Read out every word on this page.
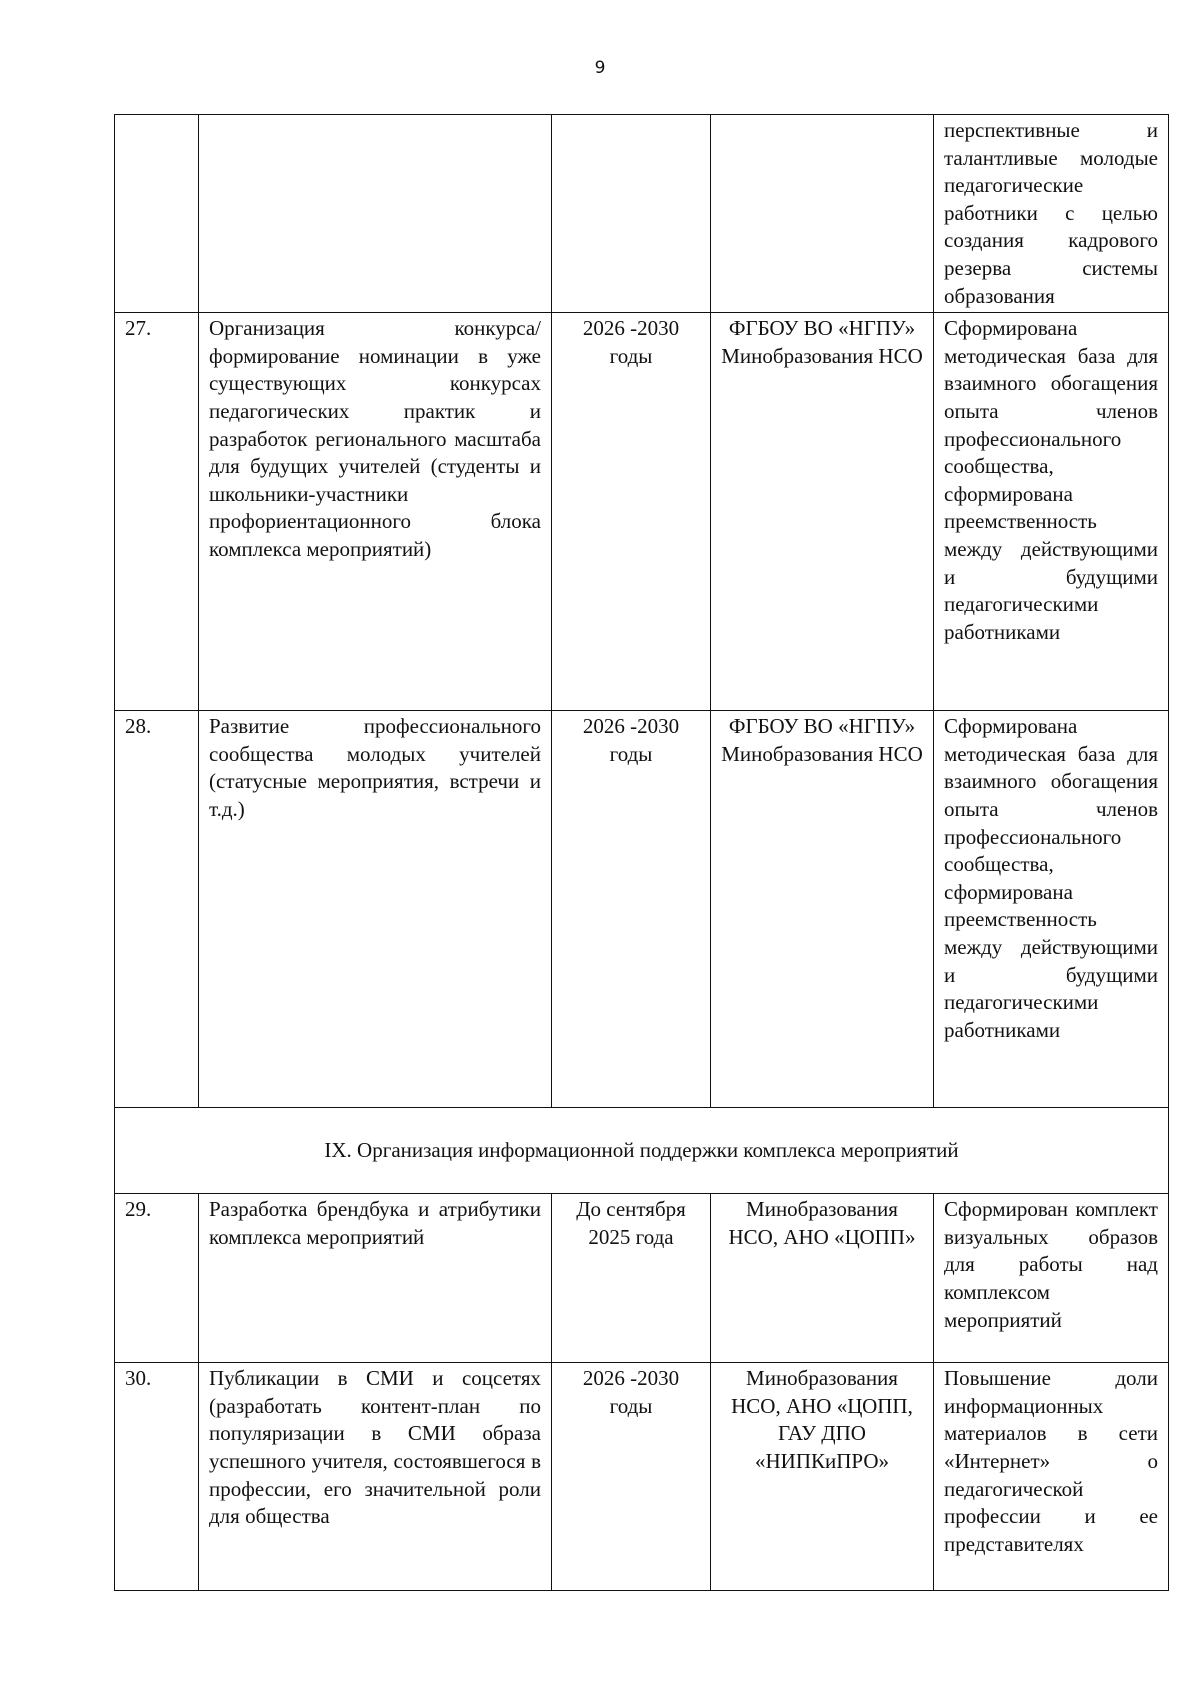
9

				перспективные и талантливые молодые педагогические работники с целью создания кадрового резерва системы образования

27.	Организация конкурса/формирование номинации в уже существующих конкурсах педагогических практик и разработок регионального масштаба для будущих учителей (студенты и школьники-участники профориентационного блока комплекса мероприятий)	2026 -2030 годы	ФГБОУ ВО «НГПУ» Минобразования НСО	Сформирована методическая база для взаимного обогащения опыта членов профессионального сообщества, сформирована преемственность между действующими и будущими педагогическими работниками

28.	Развитие профессионального сообщества молодых учителей (статусные мероприятия, встречи и т.д.)	2026 -2030 годы	ФГБОУ ВО «НГПУ» Минобразования НСО	Сформирована методическая база для взаимного обогащения опыта членов профессионального сообщества, сформирована преемственность между действующими и будущими педагогическими работниками

IX. Организация информационной поддержки комплекса мероприятий				
29.	Разработка брендбука и атрибутики комплекса мероприятий	До сентября 2025 года	Минобразования НСО, АНО «ЦОПП»	Сформирован комплект визуальных образов для работы над комплексом мероприятий

30.	Публикации в СМИ и соцсетях (разработать контент-план по популяризации в СМИ образа успешного учителя, состоявшегося в профессии, его значительной роли для общества	2026 -2030 годы	Минобразования НСО, АНО «ЦОПП, ГАУ ДПО «НИПКиПРО»	Повышение доли информационных материалов в сети «Интернет» о педагогической профессии и ее представителях
